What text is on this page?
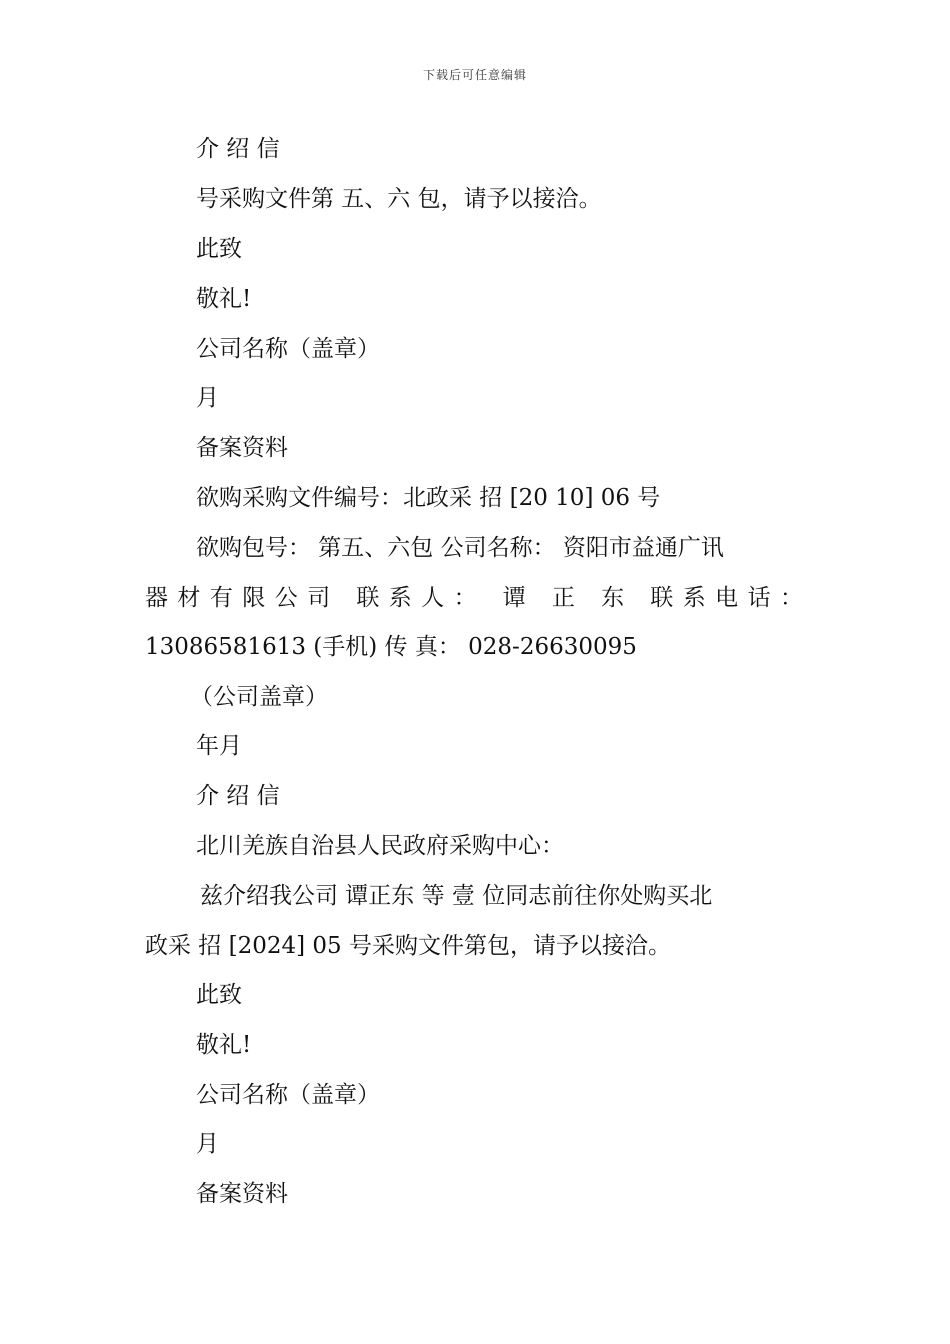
下载后可任意编辑
介 绍 信
号采购文件第 五、六 包，请予以接洽。
此致
敬礼!
公司名称（盖章）
月
备案资料
欲购采购文件编号：北政采 招 [20 10] 06 号
欲购包号： 第五、六包 公司名称： 资阳市益通广讯
器材有限公司 联系人： 谭 正 东 联系电话：
13086581613 (手机) 传 真： 028-26630095
（公司盖章）
年月
介 绍 信
北川羌族自治县人民政府采购中心：
兹介绍我公司 谭正东 等 壹 位同志前往你处购买北
政采 招 [2024] 05 号采购文件第包，请予以接洽。
此致
敬礼!
公司名称（盖章）
月
备案资料
